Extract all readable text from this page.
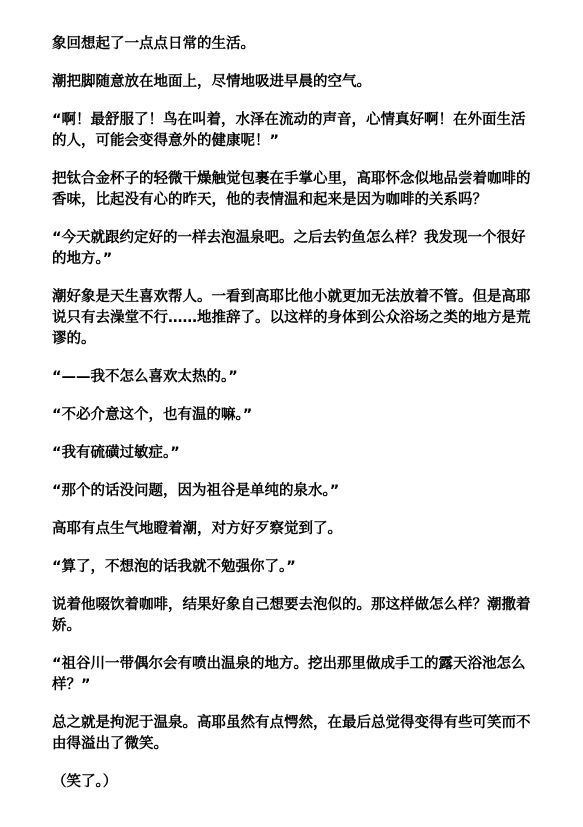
象回想起了一点点日常的生活。

潮把脚随意放在地面上，尽情地吸进早晨的空气。

“啊！最舒服了！鸟在叫着，水泽在流动的声音，心情真好啊！在外面生活的人，可能会变得意外的健康呢！”

把钛合金杯子的轻微干燥触觉包裹在手掌心里，高耶怀念似地品尝着咖啡的香味，比起没有心的昨天，他的表情温和起来是因为咖啡的关系吗？

“今天就跟约定好的一样去泡温泉吧。之后去钓鱼怎么样？我发现一个很好的地方。”

潮好象是天生喜欢帮人。一看到高耶比他小就更加无法放着不管。但是高耶说只有去澡堂不行……地推辞了。以这样的身体到公众浴场之类的地方是荒谬的。

“——我不怎么喜欢太热的。”

“不必介意这个，也有温的嘛。”

“我有硫磺过敏症。”

“那个的话没问题，因为祖谷是单纯的泉水。”

高耶有点生气地瞪着潮，对方好歹察觉到了。

“算了，不想泡的话我就不勉强你了。”

说着他啜饮着咖啡，结果好象自己想要去泡似的。那这样做怎么样？潮撒着娇。

“祖谷川一带偶尔会有喷出温泉的地方。挖出那里做成手工的露天浴池怎么样？”

总之就是拘泥于温泉。高耶虽然有点愕然，在最后总觉得变得有些可笑而不由得溢出了微笑。

（笑了。）
